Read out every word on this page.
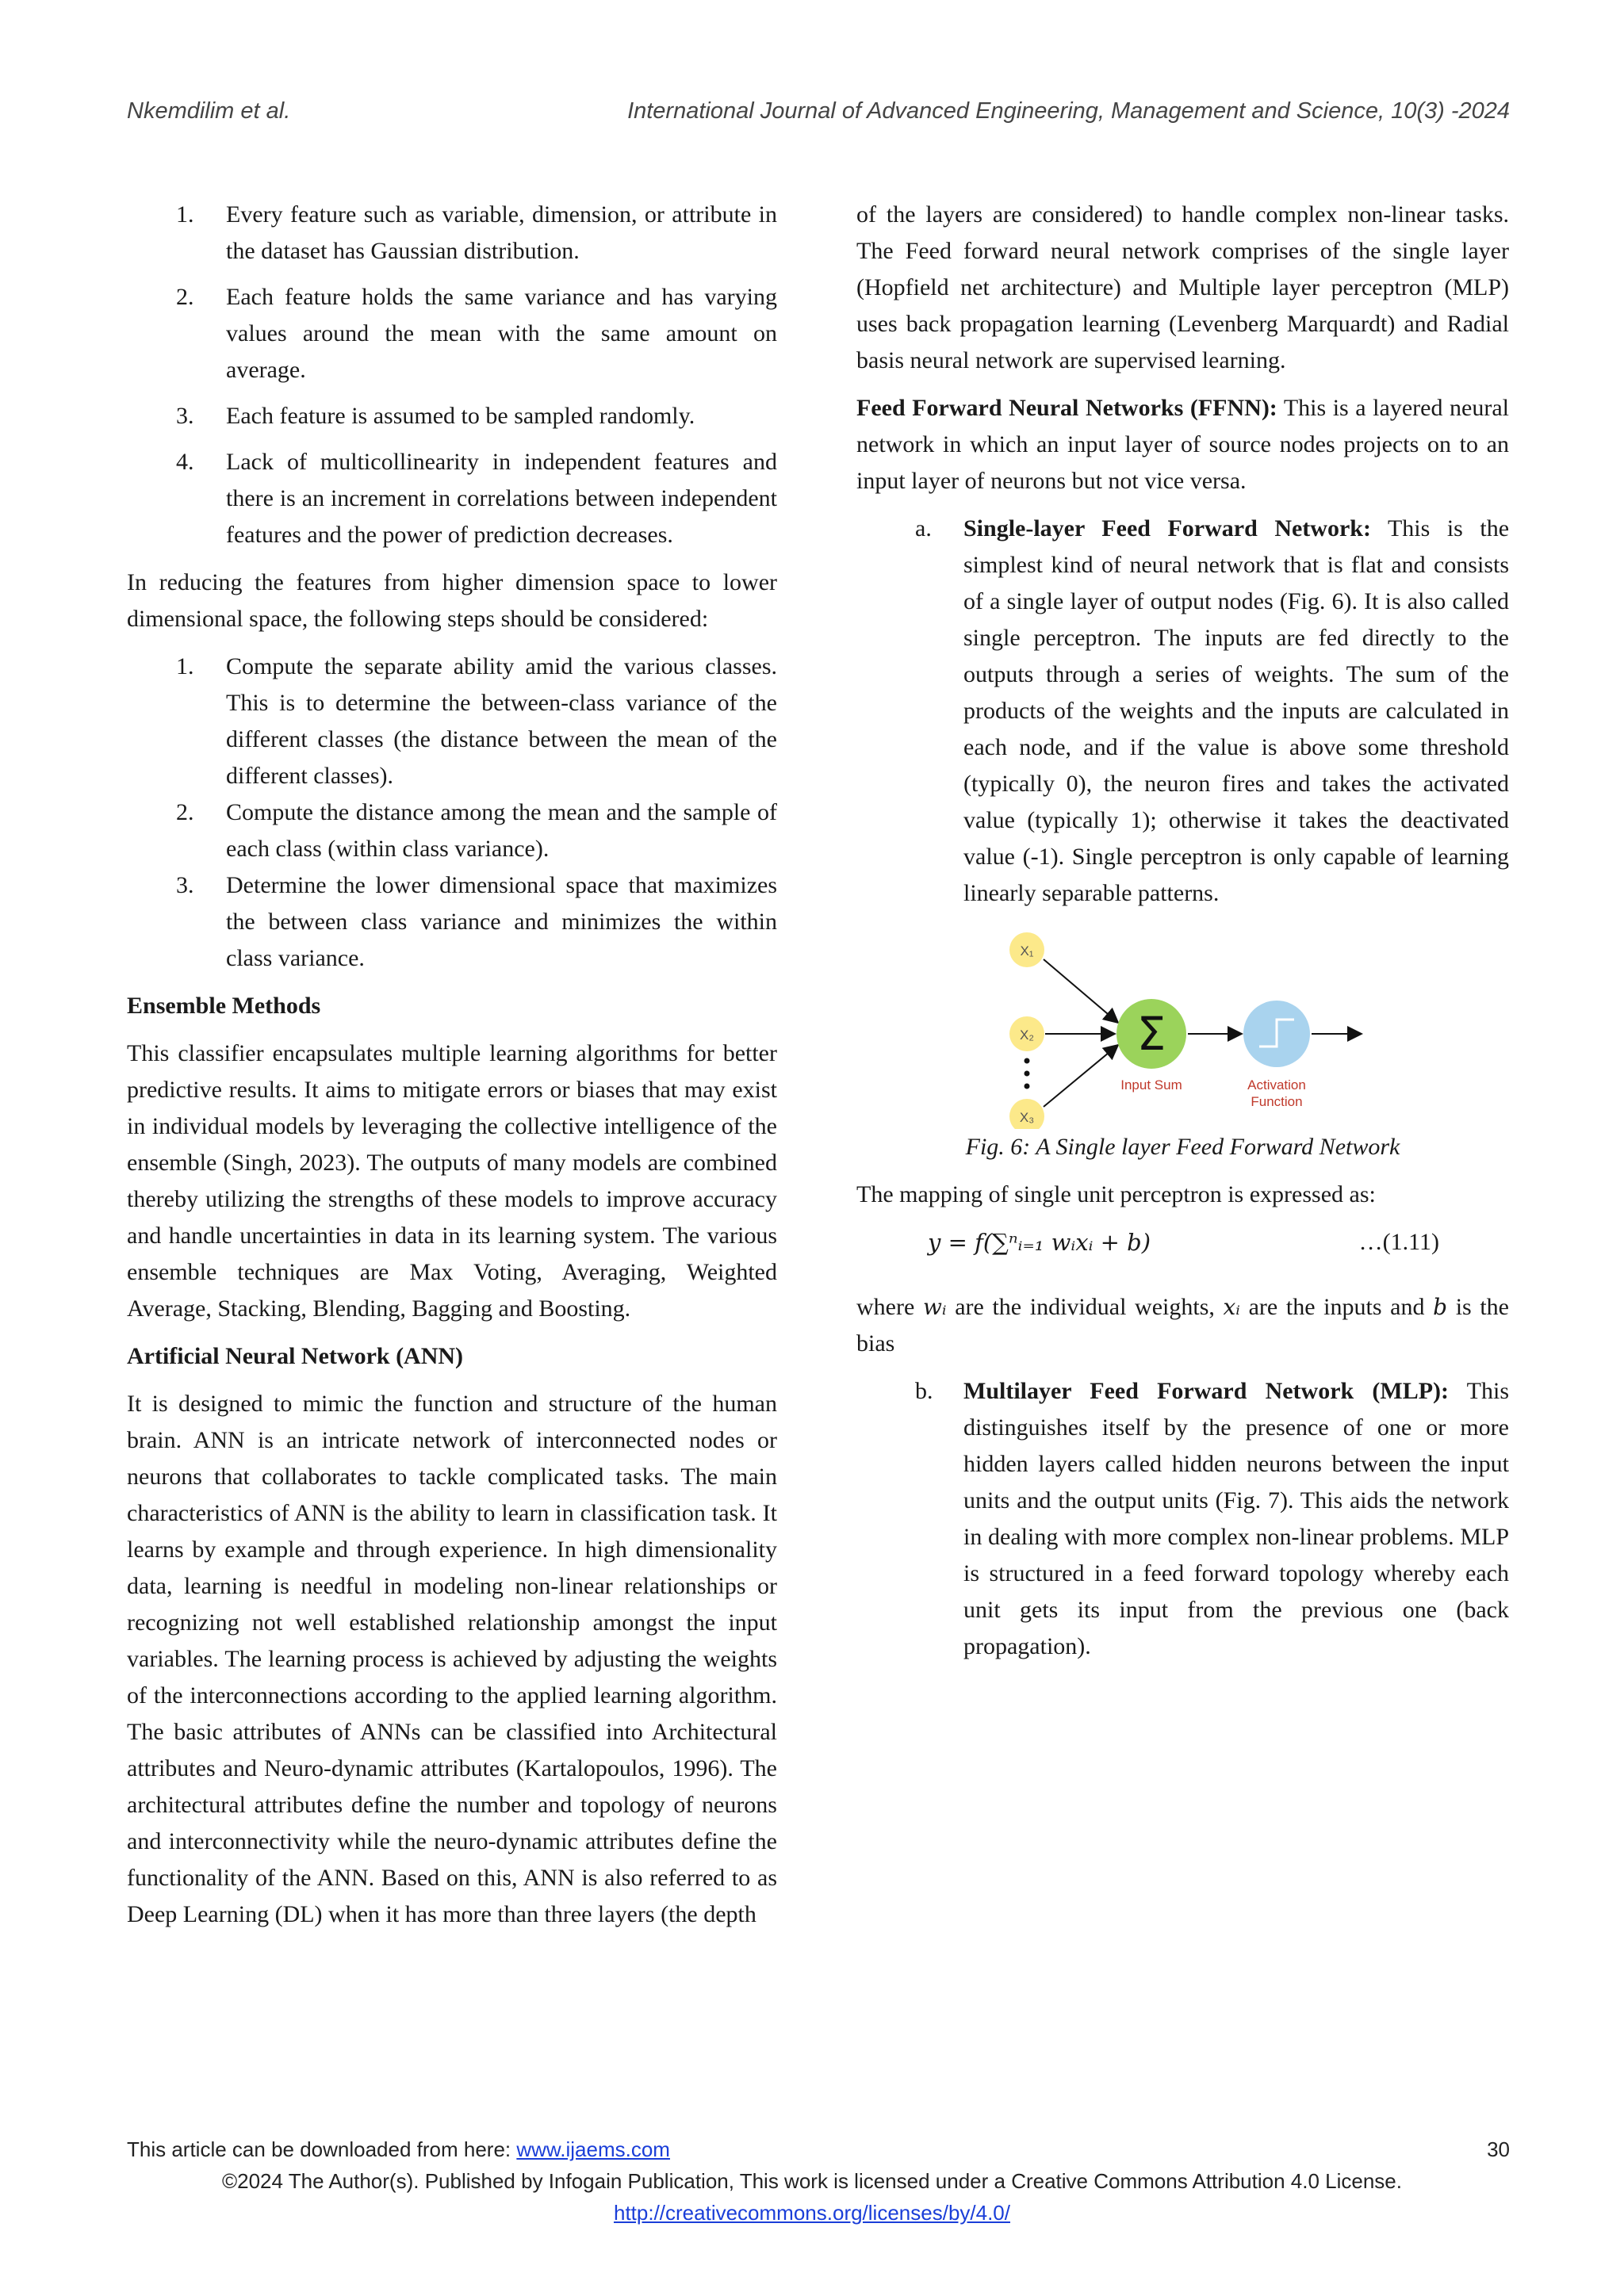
Nkemdilim et al.	International Journal of Advanced Engineering, Management and Science, 10(3) -2024
1. Every feature such as variable, dimension, or attribute in the dataset has Gaussian distribution.
2. Each feature holds the same variance and has varying values around the mean with the same amount on average.
3. Each feature is assumed to be sampled randomly.
4. Lack of multicollinearity in independent features and there is an increment in correlations between independent features and the power of prediction decreases.

In reducing the features from higher dimension space to lower dimensional space, the following steps should be considered:

1. Compute the separate ability amid the various classes. This is to determine the between-class variance of the different classes (the distance between the mean of the different classes).
2. Compute the distance among the mean and the sample of each class (within class variance).
3. Determine the lower dimensional space that maximizes the between class variance and minimizes the within class variance.
Ensemble Methods

This classifier encapsulates multiple learning algorithms for better predictive results. It aims to mitigate errors or biases that may exist in individual models by leveraging the collective intelligence of the ensemble (Singh, 2023). The outputs of many models are combined thereby utilizing the strengths of these models to improve accuracy and handle uncertainties in data in its learning system. The various ensemble techniques are Max Voting, Averaging, Weighted Average, Stacking, Blending, Bagging and Boosting.

Artificial Neural Network (ANN)

It is designed to mimic the function and structure of the human brain. ANN is an intricate network of interconnected nodes or neurons that collaborates to tackle complicated tasks. The main characteristics of ANN is the ability to learn in classification task. It learns by example and through experience. In high dimensionality data, learning is needful in modeling non-linear relationships or recognizing not well established relationship amongst the input variables. The learning process is achieved by adjusting the weights of the interconnections according to the applied learning algorithm. The basic attributes of ANNs can be classified into Architectural attributes and Neuro-dynamic attributes (Kartalopoulos, 1996). The architectural attributes define the number and topology of neurons and interconnectivity while the neuro-dynamic attributes define the functionality of the ANN. Based on this, ANN is also referred to as Deep Learning (DL) when it has more than three layers (the depth

of the layers are considered) to handle complex non-linear tasks. The Feed forward neural network comprises of the single layer (Hopfield net architecture) and Multiple layer perceptron (MLP) uses back propagation learning (Levenberg Marquardt) and Radial basis neural network are supervised learning.

Feed Forward Neural Networks (FFNN): This is a layered neural network in which an input layer of source nodes projects on to an input layer of neurons but not vice versa.

a. Single-layer Feed Forward Network: This is the simplest kind of neural network that is flat and consists of a single layer of output nodes (Fig. 6). It is also called single perceptron. The inputs are fed directly to the outputs through a series of weights. The sum of the products of the weights and the inputs are calculated in each node, and if the value is above some threshold (typically 0), the neuron fires and takes the activated value (typically 1); otherwise it takes the deactivated value (-1). Single perceptron is only capable of learning linearly separable patterns.
X₁
X₂
X₃
Σ
Input Sum	Activation
Function

Fig. 6: A Single layer Feed Forward Network

The mapping of single unit perceptron is expressed as:

y = f(∑ⁿᵢ₌₁ wᵢxᵢ + b)	…(1.11)

where wᵢ are the individual weights, xᵢ are the inputs and b is the bias

b. Multilayer Feed Forward Network (MLP): This distinguishes itself by the presence of one or more hidden layers called hidden neurons between the input units and the output units (Fig. 7). This aids the network in dealing with more complex non-linear problems. MLP is structured in a feed forward topology whereby each unit gets its input from the previous one (back propagation).
This article can be downloaded from here: www.ijaems.com	30
©2024 The Author(s). Published by Infogain Publication, This work is licensed under a Creative Commons Attribution 4.0 License.
http://creativecommons.org/licenses/by/4.0/
